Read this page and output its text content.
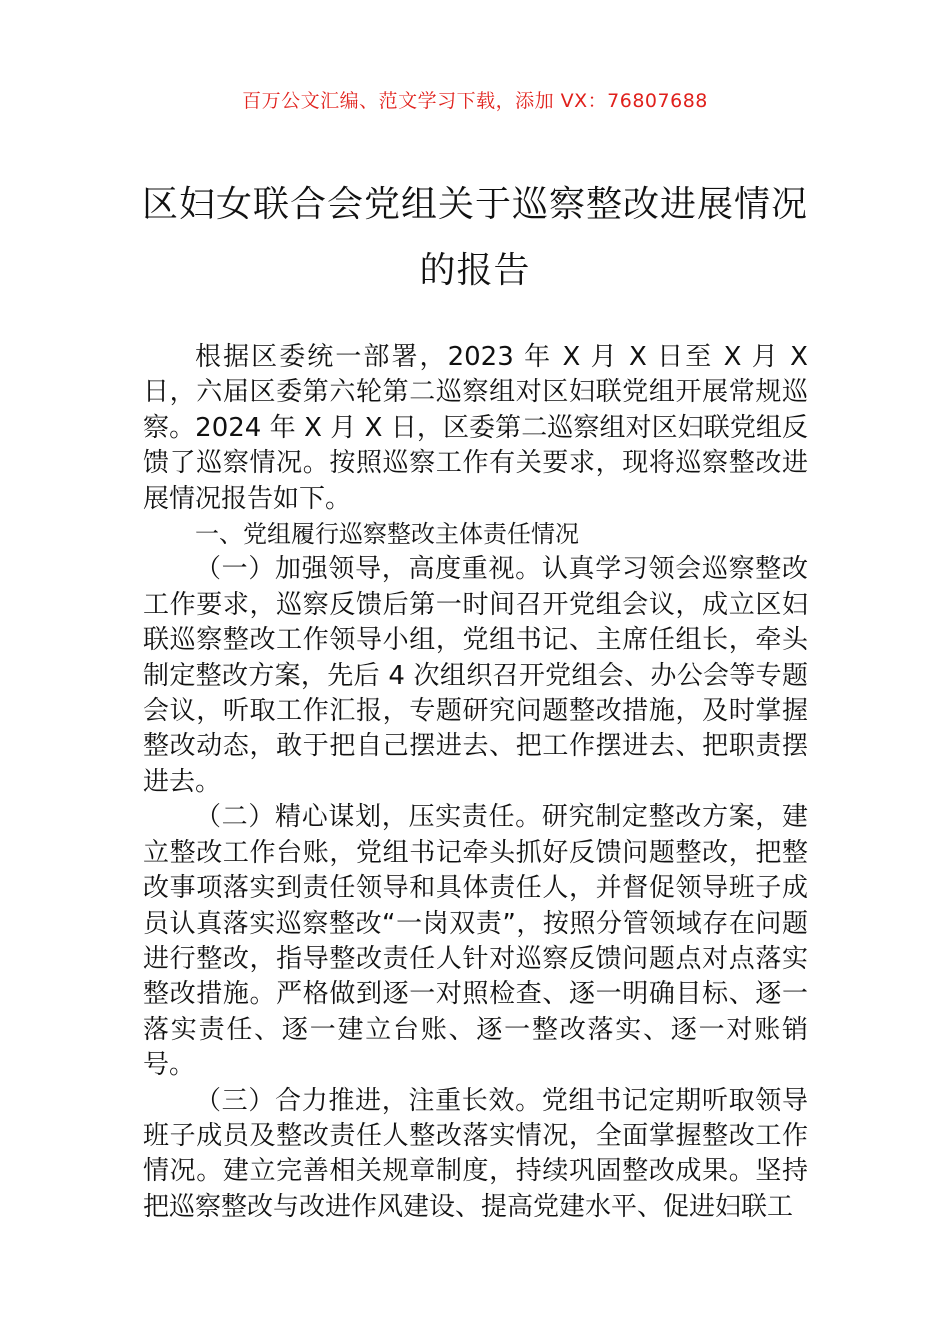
百万公文汇编、范文学习下载，添加 VX：76807688
区妇女联合会党组关于巡察整改进展情况的报告

根据区委统一部署，2023 年 X 月 X 日至 X 月 X 日，六届区委第六轮第二巡察组对区妇联党组开展常规巡察。2024 年 X 月 X 日，区委第二巡察组对区妇联党组反馈了巡察情况。按照巡察工作有关要求，现将巡察整改进展情况报告如下。

一、党组履行巡察整改主体责任情况

（一）加强领导，高度重视。认真学习领会巡察整改工作要求，巡察反馈后第一时间召开党组会议，成立区妇联巡察整改工作领导小组，党组书记、主席任组长，牵头制定整改方案，先后 4 次组织召开党组会、办公会等专题会议，听取工作汇报，专题研究问题整改措施，及时掌握整改动态，敢于把自己摆进去、把工作摆进去、把职责摆进去。

（二）精心谋划，压实责任。研究制定整改方案，建立整改工作台账，党组书记牵头抓好反馈问题整改，把整改事项落实到责任领导和具体责任人，并督促领导班子成员认真落实巡察整改“一岗双责”，按照分管领域存在问题进行整改，指导整改责任人针对巡察反馈问题点对点落实整改措施。严格做到逐一对照检查、逐一明确目标、逐一落实责任、逐一建立台账、逐一整改落实、逐一对账销号。

（三）合力推进，注重长效。党组书记定期听取领导班子成员及整改责任人整改落实情况，全面掌握整改工作情况。建立完善相关规章制度，持续巩固整改成果。坚持把巡察整改与改进作风建设、提高党建水平、促进妇联工
